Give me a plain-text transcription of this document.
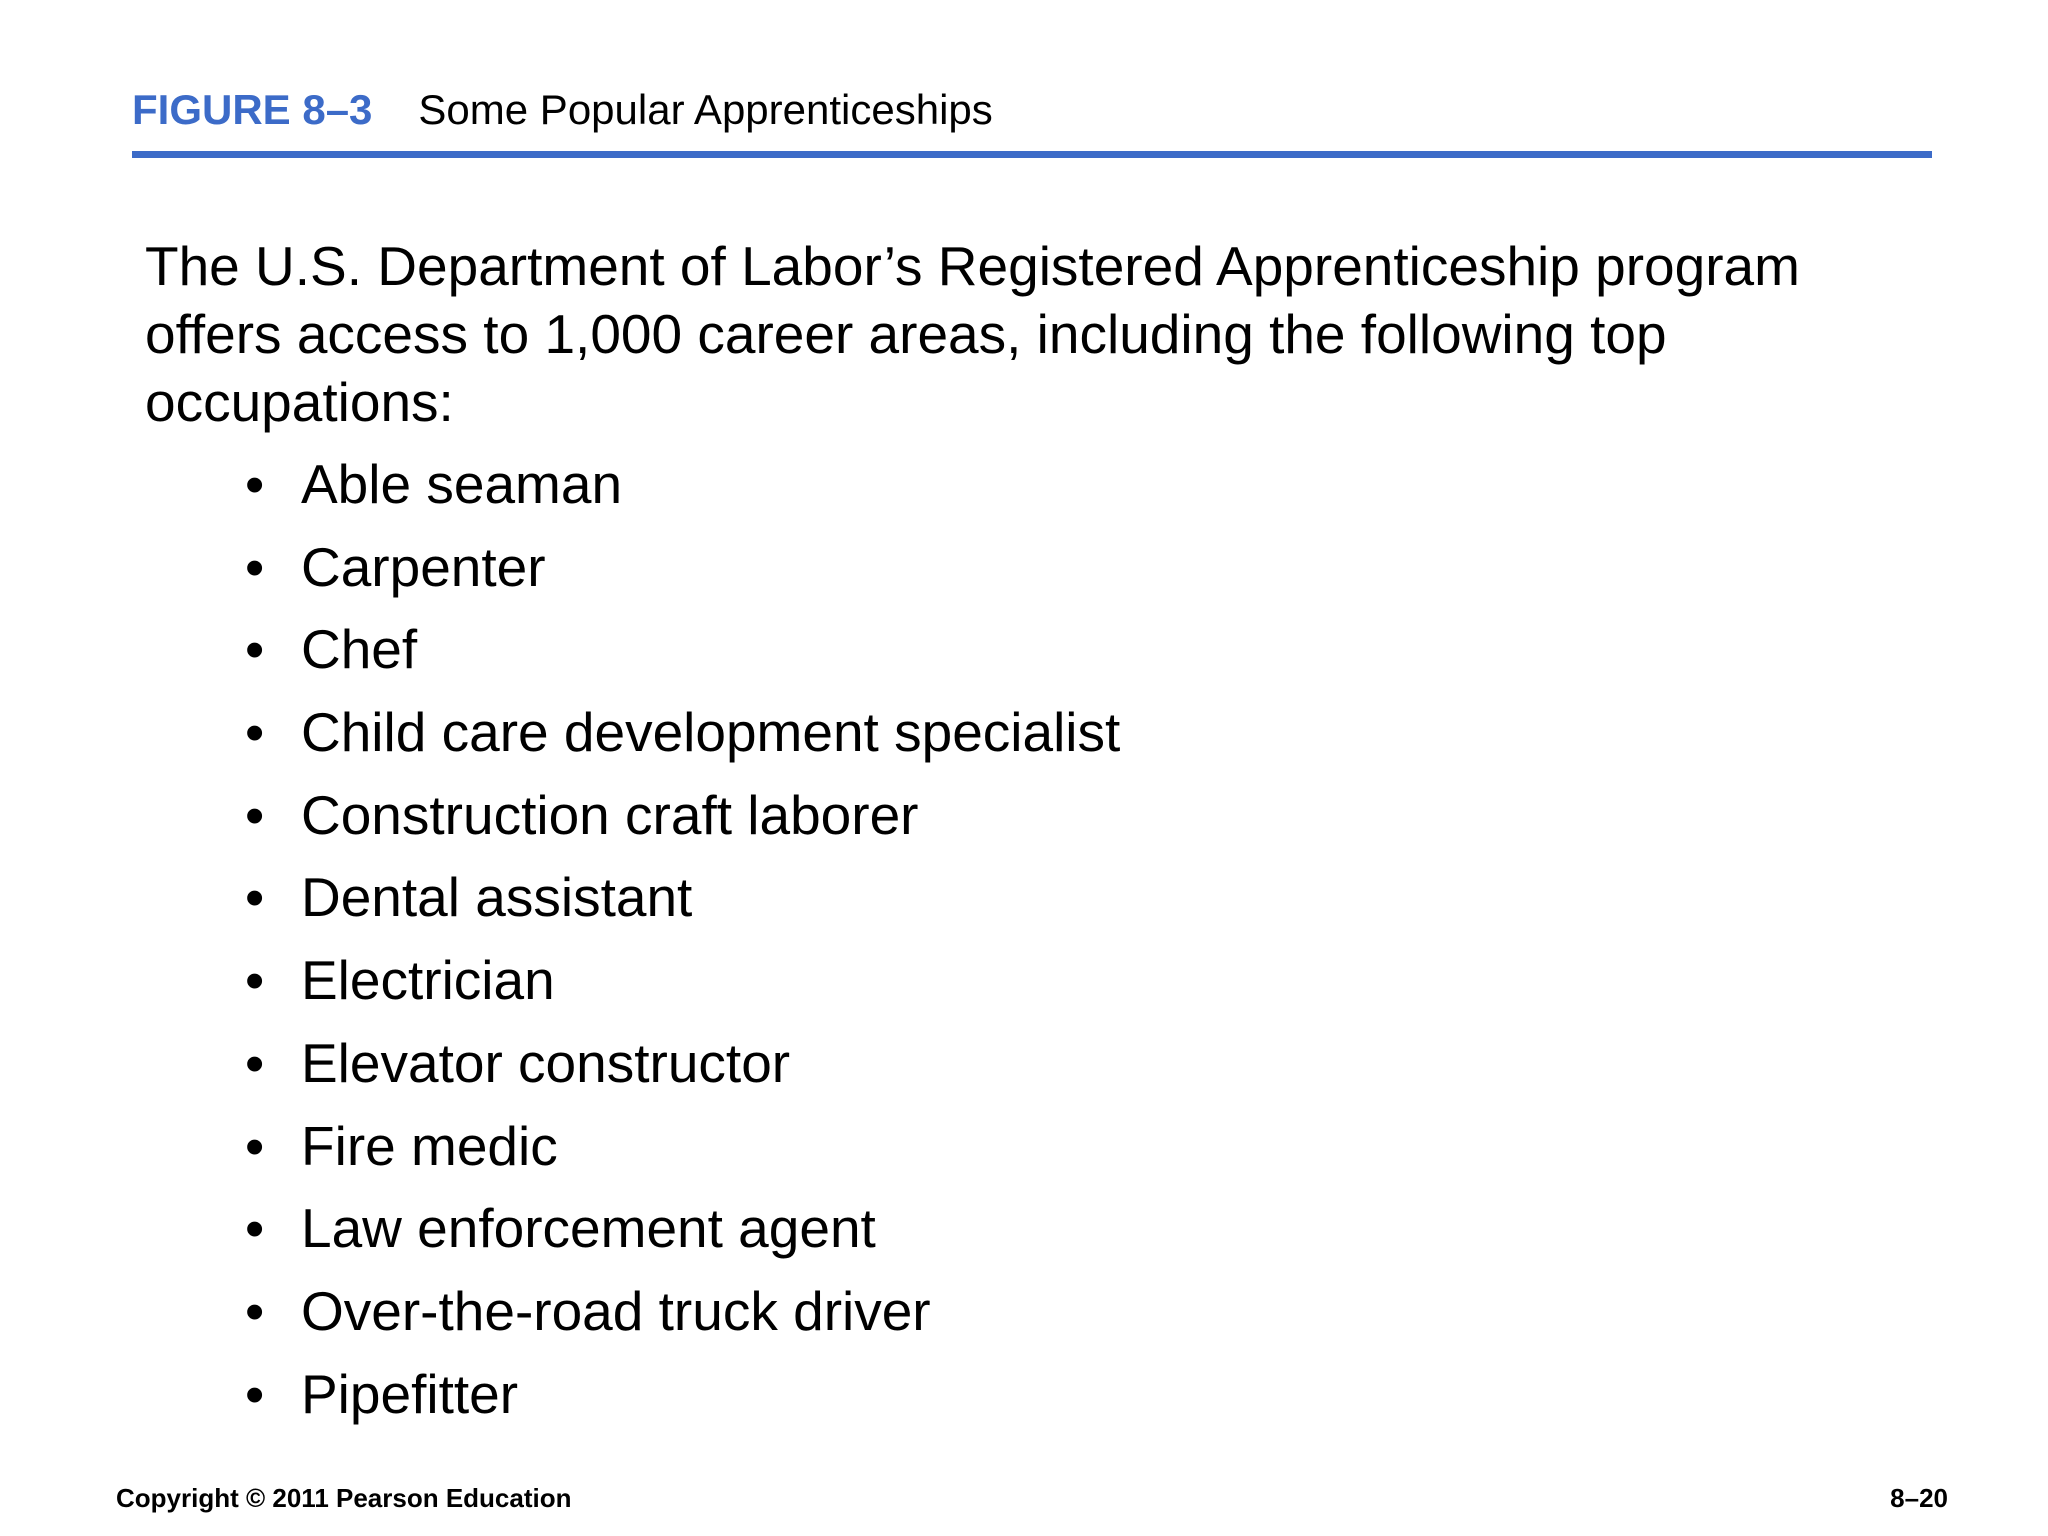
FIGURE 8–3 Some Popular Apprenticeships
The U.S. Department of Labor’s Registered Apprenticeship program offers access to 1,000 career areas, including the following top occupations:
• Able seaman
• Carpenter
• Chef
• Child care development specialist
• Construction craft laborer
• Dental assistant
• Electrician
• Elevator constructor
• Fire medic
• Law enforcement agent
• Over-the-road truck driver
• Pipefitter
Copyright © 2011 Pearson Education	8–20
